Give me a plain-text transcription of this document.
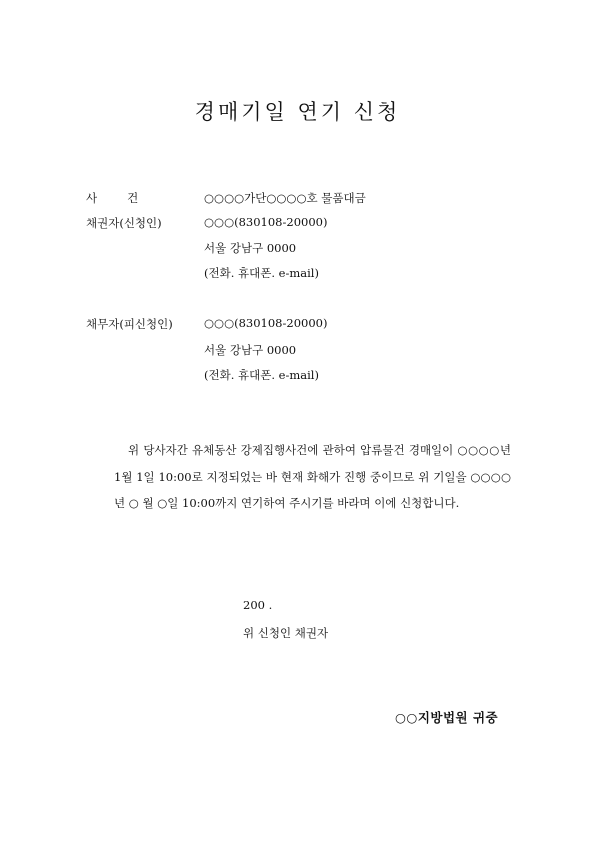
경매기일 연기 신청
사	건	○○○○가단○○○○호 물품대금
채권자(신청인)	○○○(830108-20000)
서울 강남구 0000
(전화. 휴대폰. e-mail)
채무자(피신청인)	○○○(830108-20000)
서울 강남구 0000
(전화. 휴대폰. e-mail)
위 당사자간 유체동산 강제집행사건에 관하여 압류물건 경매일이 ○○○○년 1월 1일 10:00로 지정되었는 바 현재 화해가 진행 중이므로 위 기일을 ○○○○년 ○ 월 ○일 10:00까지 연기하여 주시기를 바라며 이에 신청합니다.
200 .
위 신청인 채권자
○○지방법원 귀중
